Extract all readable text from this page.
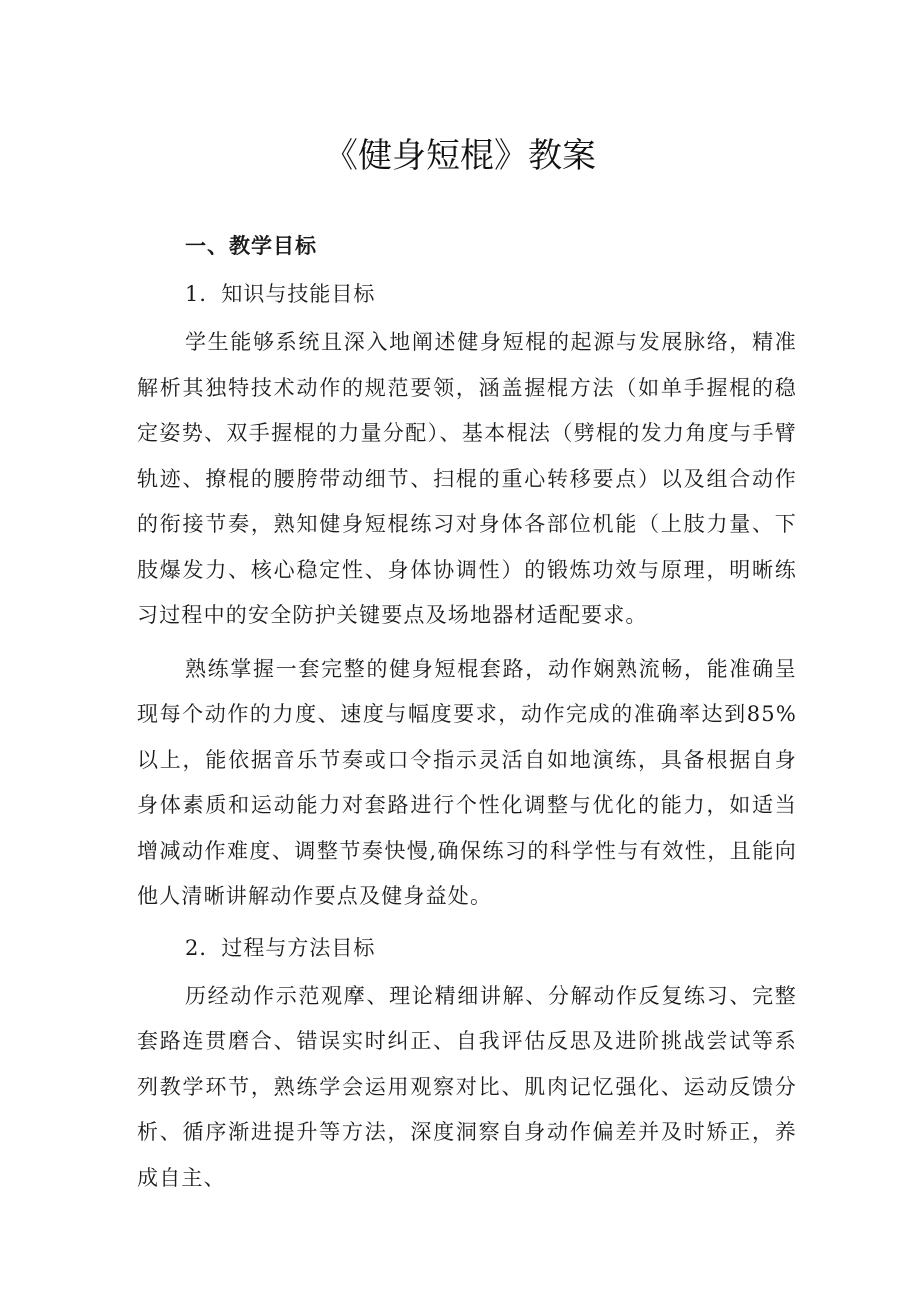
《健身短棍》教案

一、教学目标

1．知识与技能目标

学生能够系统且深入地阐述健身短棍的起源与发展脉络，精准解析其独特技术动作的规范要领，涵盖握棍方法（如单手握棍的稳定姿势、双手握棍的力量分配）、基本棍法（劈棍的发力角度与手臂轨迹、撩棍的腰胯带动细节、扫棍的重心转移要点）以及组合动作的衔接节奏，熟知健身短棍练习对身体各部位机能（上肢力量、下肢爆发力、核心稳定性、身体协调性）的锻炼功效与原理，明晰练习过程中的安全防护关键要点及场地器材适配要求。

熟练掌握一套完整的健身短棍套路，动作娴熟流畅，能准确呈现每个动作的力度、速度与幅度要求，动作完成的准确率达到85%以上，能依据音乐节奏或口令指示灵活自如地演练，具备根据自身身体素质和运动能力对套路进行个性化调整与优化的能力，如适当增减动作难度、调整节奏快慢,确保练习的科学性与有效性，且能向他人清晰讲解动作要点及健身益处。

2．过程与方法目标

历经动作示范观摩、理论精细讲解、分解动作反复练习、完整套路连贯磨合、错误实时纠正、自我评估反思及进阶挑战尝试等系列教学环节，熟练学会运用观察对比、肌肉记忆强化、运动反馈分析、循序渐进提升等方法，深度洞察自身动作偏差并及时矫正，养成自主、
